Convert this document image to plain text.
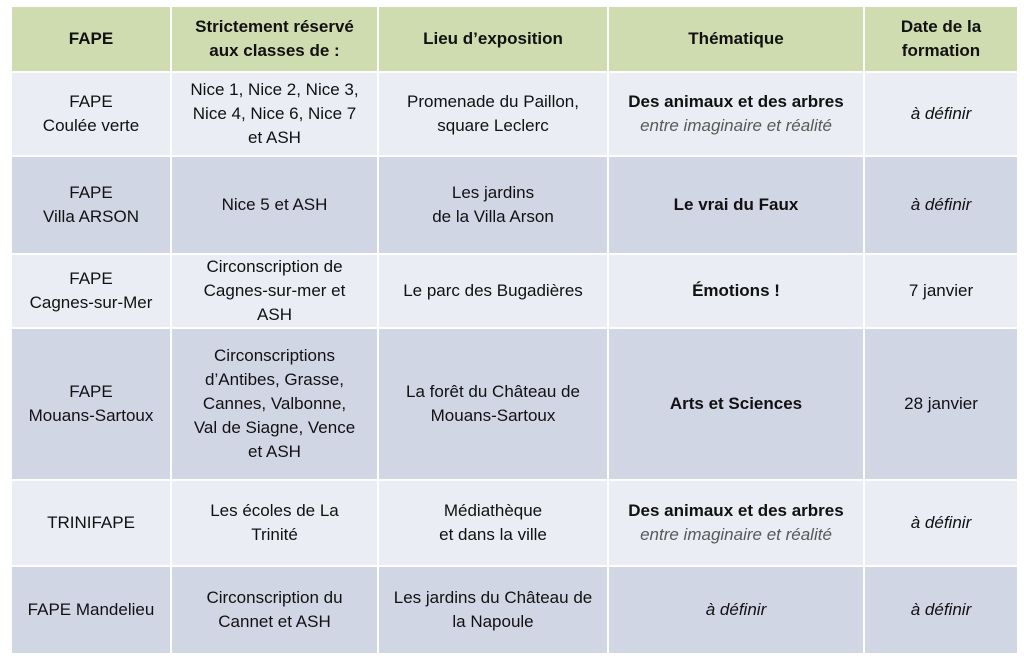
FAPE	Strictement réservé
aux classes de :	Lieu d’exposition	Thématique	Date de la
formation

FAPE
Coulée verte	Nice 1, Nice 2, Nice 3,
Nice 4, Nice 6, Nice 7
et ASH	Promenade du Paillon,
square Leclerc	Des animaux et des arbres
entre imaginaire et réalité	à définir

FAPE
Villa ARSON	Nice 5 et ASH	Les jardins
de la Villa Arson	Le vrai du Faux	à définir

FAPE
Cagnes-sur-Mer	Circonscription de
Cagnes-sur-mer et
ASH	Le parc des Bugadières	Émotions !	7 janvier

FAPE
Mouans-Sartoux	Circonscriptions
d’Antibes, Grasse,
Cannes, Valbonne,
Val de Siagne, Vence
et ASH	La forêt du Château de
Mouans-Sartoux	Arts et Sciences	28 janvier

TRINIFAPE	Les écoles de La
Trinité	Médiathèque
et dans la ville	Des animaux et des arbres
entre imaginaire et réalité	à définir

FAPE Mandelieu	Circonscription du
Cannet et ASH	Les jardins du Château de
la Napoule	à définir	à définir
